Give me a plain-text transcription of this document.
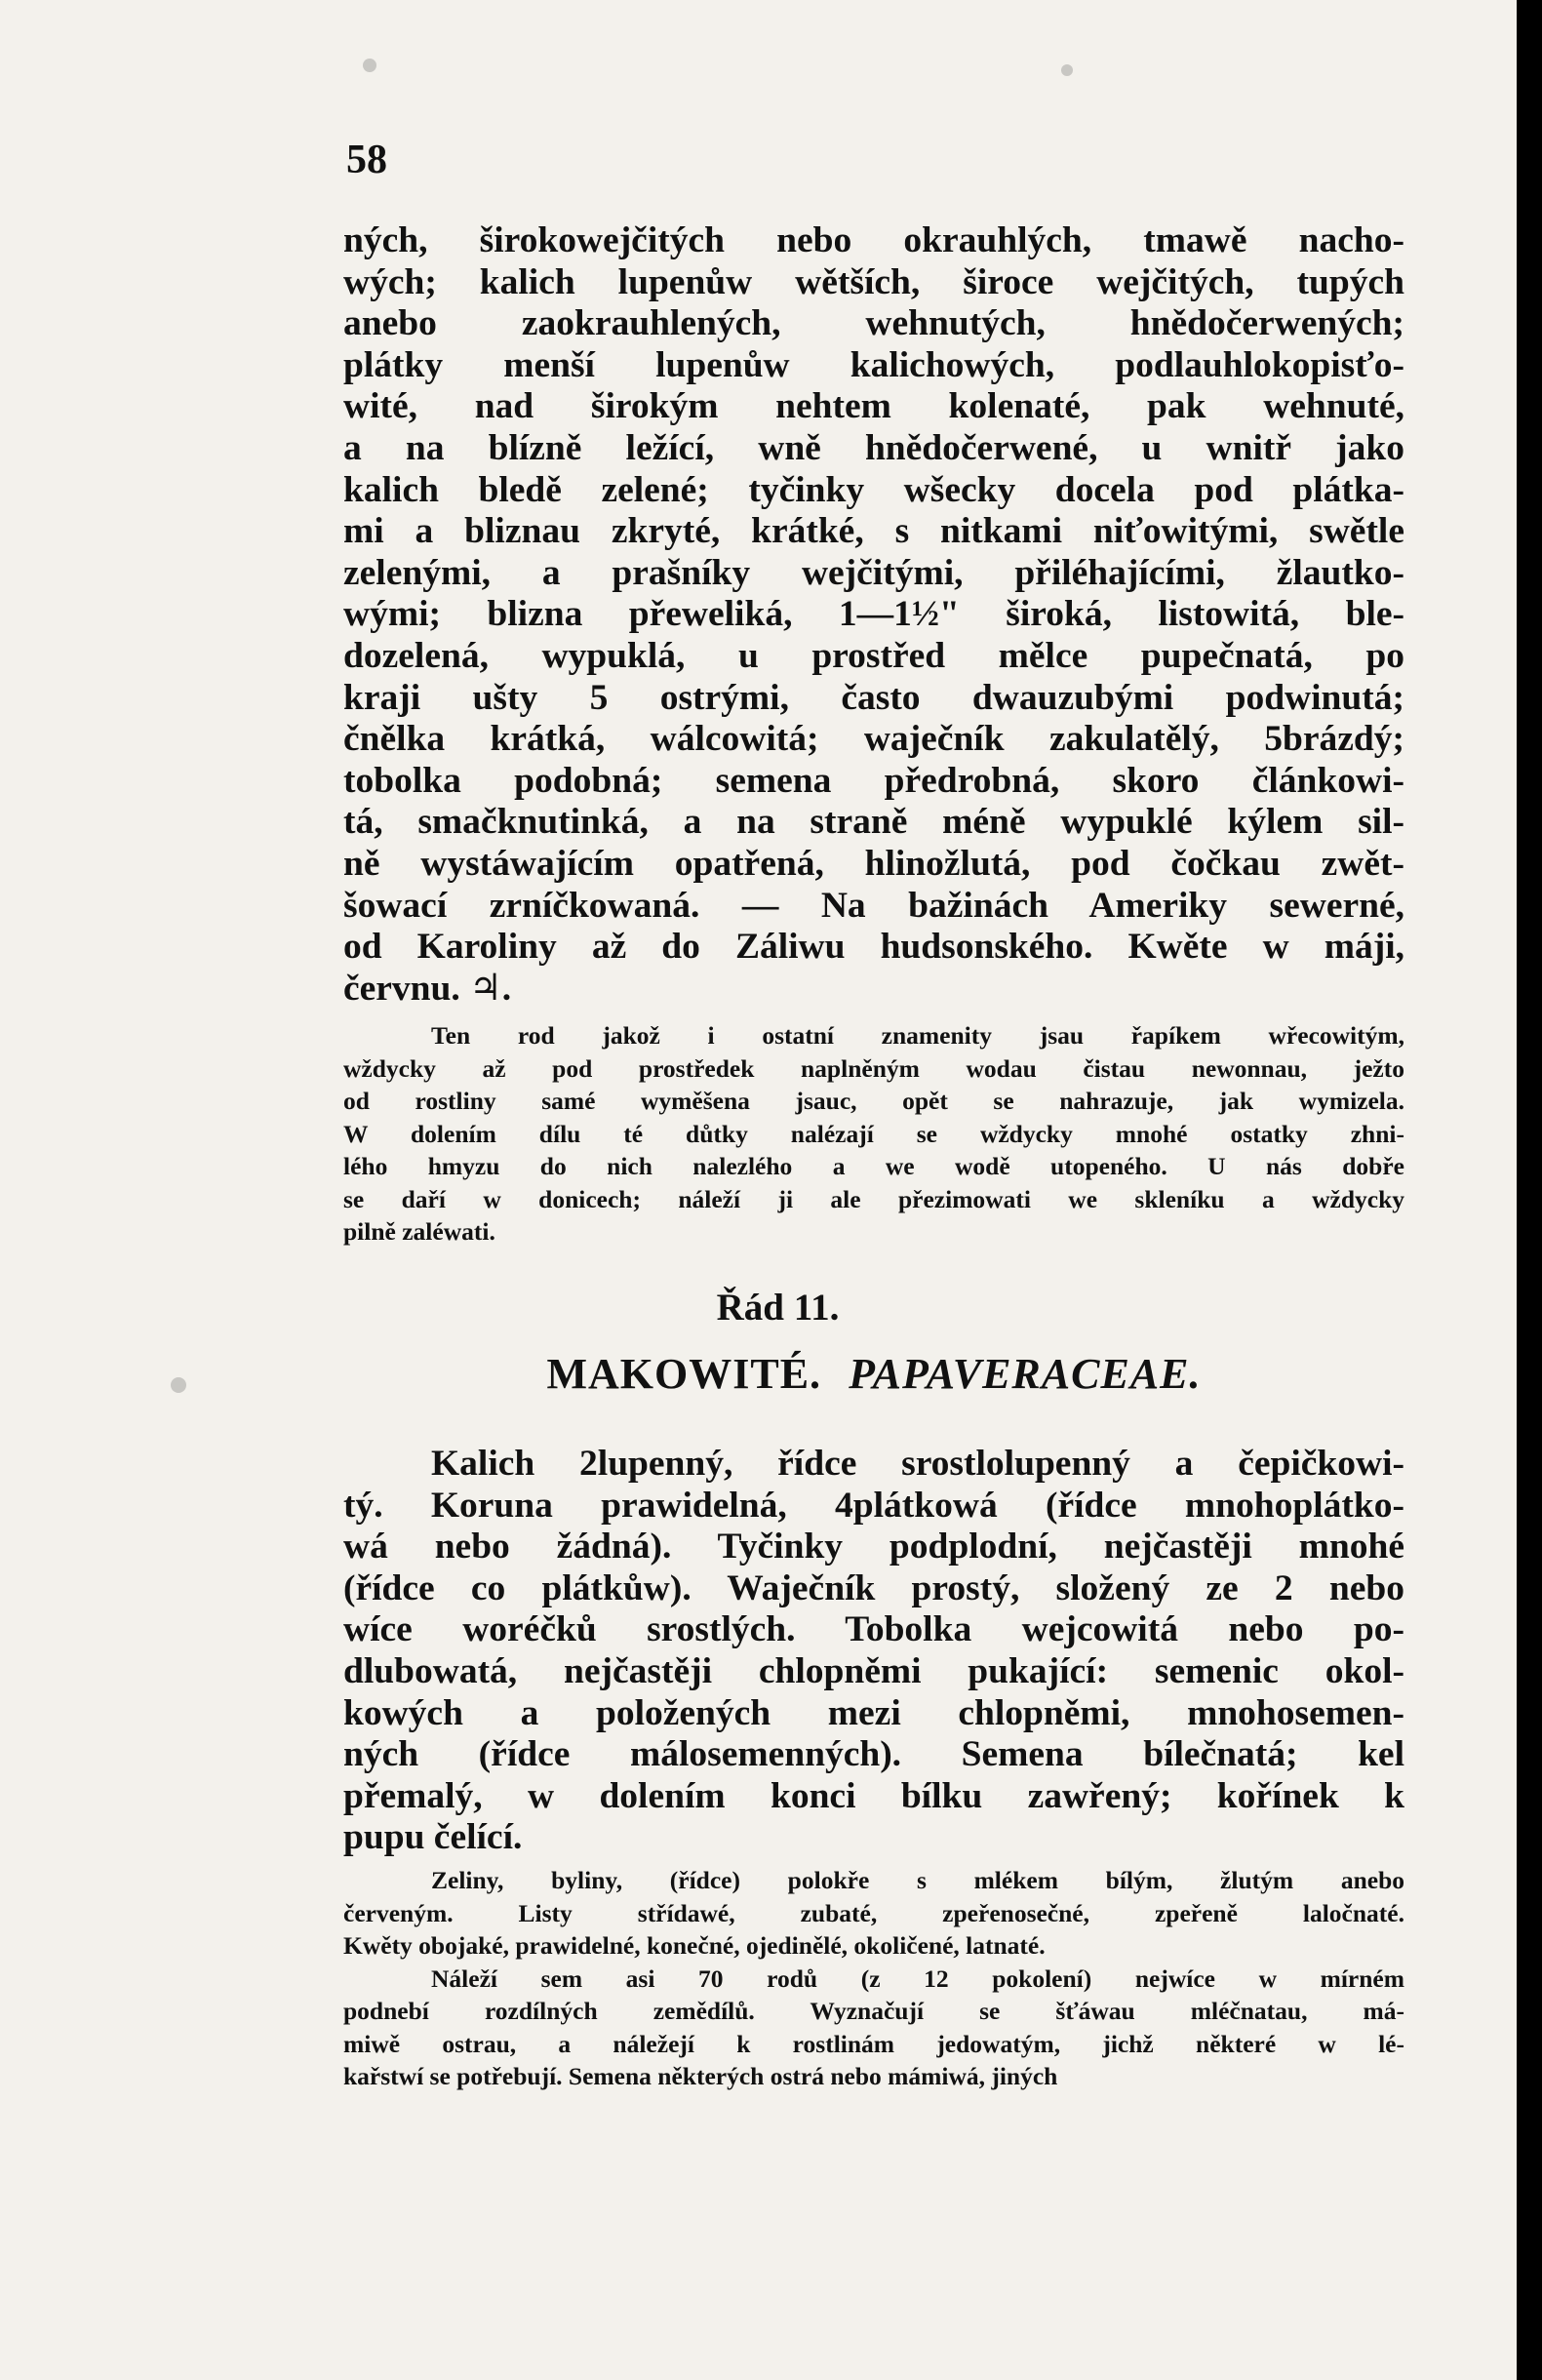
58
ných, širokowejčitých nebo okrauhlých, tmawě nacho-
wých; kalich lupenůw wětších, široce wejčitých, tupých
anebo zaokrauhlených, wehnutých, hnědočerwených;
plátky menší lupenůw kalichowých, podlauhlokopisťo-
wité, nad širokým nehtem kolenaté, pak wehnuté,
a na blízně ležící, wně hnědočerwené, u wnitř jako
kalich bledě zelené; tyčinky wšecky docela pod plátka-
mi a bliznau zkryté, krátké, s nitkami niťowitými, swětle
zelenými, a prašníky wejčitými, přiléhajícími, žlautko-
wými; blizna přeweliká, 1—1½" široká, listowitá, ble-
dozelená, wypuklá, u prostřed mělce pupečnatá, po
kraji ušty 5 ostrými, často dwauzubými podwinutá;
čnělka krátká, wálcowitá; waječník zakulatělý, 5brázdý;
tobolka podobná; semena předrobná, skoro článkowi-
tá, smačknutinká, a na straně méně wypuklé kýlem sil-
ně wystáwajícím opatřená, hlinožlutá, pod čočkau zwět-
šowací zrníčkowaná. — Na bažinách Ameriky sewerné,
od Karoliny až do Záliwu hudsonského. Kwěte w máji,
červnu. ♃.
Ten rod jakož i ostatní znamenity jsau řapíkem wřecowitým,
wždycky až pod prostředek naplněným wodau čistau newonnau, ježto
od rostliny samé wyměšena jsauc, opět se nahrazuje, jak wymizela.
W dolením dílu té důtky nalézají se wždycky mnohé ostatky zhni-
lého hmyzu do nich nalezlého a we wodě utopeného. U nás dobře
se daří w donicech; náleží ji ale přezimowati we skleníku a wždycky
pilně zaléwati.
Řád 11.
MAKOWITÉ. PAPAVERACEAE.
Kalich 2lupenný, řídce srostlolupenný a čepičkowi-
tý. Koruna prawidelná, 4plátkowá (řídce mnohoplátko-
wá nebo žádná). Tyčinky podplodní, nejčastěji mnohé
(řídce co plátkůw). Waječník prostý, složený ze 2 nebo
wíce woréčků srostlých. Tobolka wejcowitá nebo po-
dlubowatá, nejčastěji chlopněmi pukající: semenic okol-
kowých a položených mezi chlopněmi, mnohosemen-
ných (řídce málosemenných). Semena bílečnatá; kel
přemalý, w dolením konci bílku zawřený; kořínek k
pupu čelící.
Zeliny, byliny, (řídce) polokře s mlékem bílým, žlutým anebo
červeným. Listy střídawé, zubaté, zpeřenosečné, zpeřeně laločnaté.
Kwěty obojaké, prawidelné, konečné, ojedinělé, okoličené, latnaté.
Náleží sem asi 70 rodů (z 12 pokolení) nejwíce w mírném
podnebí rozdílných zemědílů. Wyznačují se šťáwau mléčnatau, má-
miwě ostrau, a náležejí k rostlinám jedowatým, jichž některé w lé-
kařstwí se potřebují. Semena některých ostrá nebo mámiwá, jiných
